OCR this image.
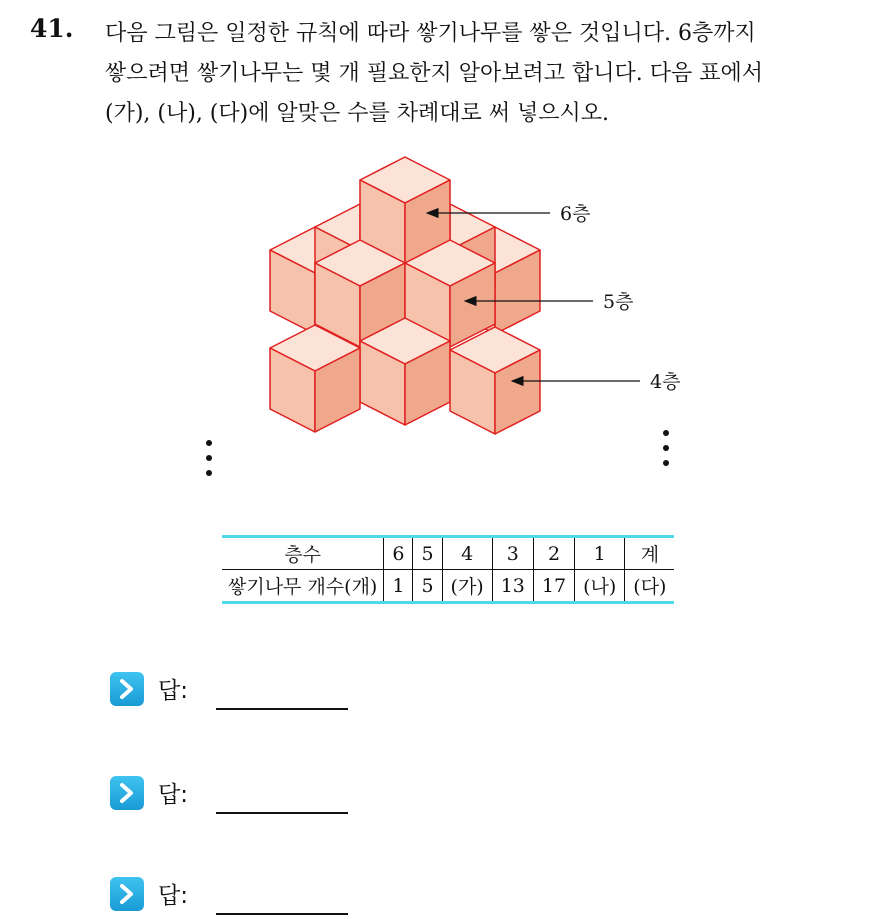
41. 다음 그림은 일정한 규칙에 따라 쌓기나무를 쌓은 것입니다. 6층까지
쌓으려면 쌓기나무는 몇 개 필요한지 알아보려고 합니다. 다음 표에서
(가), (나), (다)에 알맞은 수를 차례대로 써 넣으시오.
6층
5층
4층
층수	6	5	4	3	2	1	계
쌓기나무 개수(개)	1	5	(가)	13	17	(나)	(다)
답:
답:
답:
